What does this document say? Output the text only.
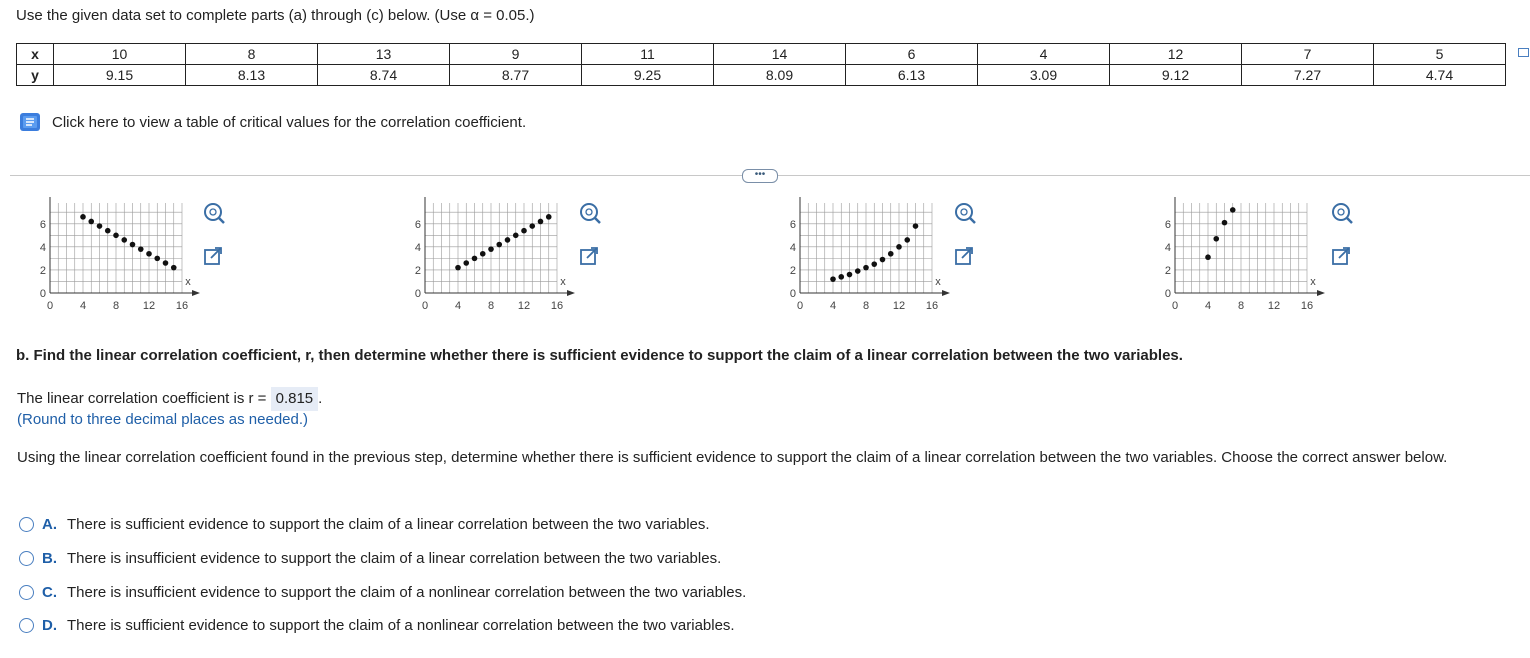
Use the given data set to complete parts (a) through (c) below. (Use α = 0.05.)
x	10	8	13	9	11	14	6	4	12	7	5
y	9.15	8.13	8.74	8.77	9.25	8.09	6.13	3.09	9.12	7.27	4.74
Click here to view a table of critical values for the correlation coefficient.
•••
0 4 8 12 16
0
2
4
6
x
0 4 8 12 16
0
2
4
6
x
0 4 8 12 16
0
2
4
6
x
0 4 8 12 16
0
2
4
6
x
b. Find the linear correlation coefficient, r, then determine whether there is sufficient evidence to support the claim of a linear correlation between the two variables.
The linear correlation coefficient is r = 0.815 .
(Round to three decimal places as needed.)
Using the linear correlation coefficient found in the previous step, determine whether there is sufficient evidence to support the claim of a linear correlation between the two variables. Choose the correct answer below.
A. There is sufficient evidence to support the claim of a linear correlation between the two variables.
B. There is insufficient evidence to support the claim of a linear correlation between the two variables.
C. There is insufficient evidence to support the claim of a nonlinear correlation between the two variables.
D. There is sufficient evidence to support the claim of a nonlinear correlation between the two variables.
